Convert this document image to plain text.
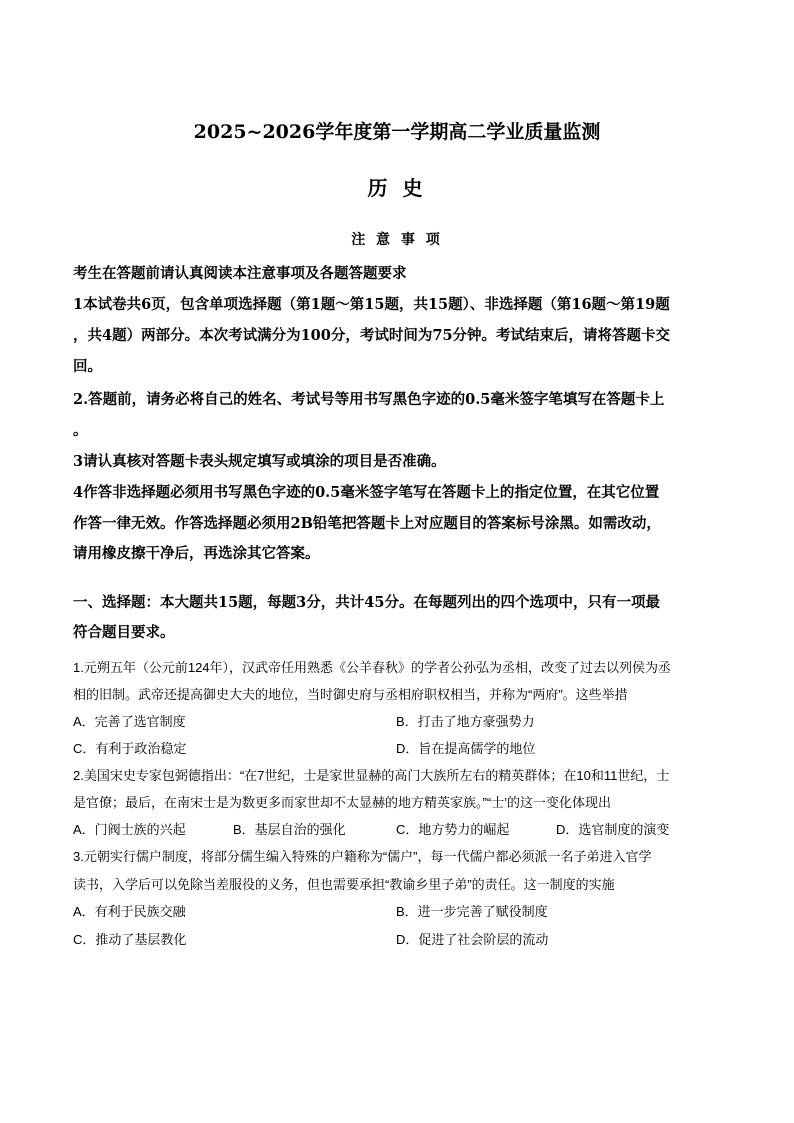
2025~2026学年度第一学期高二学业质量监测
历 史
注 意 事 项
考生在答题前请认真阅读本注意事项及各题答题要求
1本试卷共6页，包含单项选择题（第1题～第15题，共15题）、非选择题（第16题～第19题
，共4题）两部分。本次考试满分为100分，考试时间为75分钟。考试结束后，请将答题卡交
回。
2.答题前，请务必将自己的姓名、考试号等用书写黑色字迹的0.5毫米签字笔填写在答题卡上
。
3请认真核对答题卡表头规定填写或填涂的项目是否准确。
4作答非选择题必须用书写黑色字迹的0.5毫米签字笔写在答题卡上的指定位置，在其它位置
作答一律无效。作答选择题必须用2B铅笔把答题卡上对应题目的答案标号涂黑。如需改动，
请用橡皮擦干净后，再选涂其它答案。
一、选择题：本大题共15题，每题3分，共计45分。在每题列出的四个选项中，只有一项最
符合题目要求。
1.元朔五年（公元前124年），汉武帝任用熟悉《公羊春秋》的学者公孙弘为丞相，改变了过去以列侯为丞
相的旧制。武帝还提高御史大夫的地位，当时御史府与丞相府职权相当，并称为“两府”。这些举措
A．完善了选官制度	B．打击了地方豪强势力
C．有利于政治稳定	D．旨在提高儒学的地位
2.美国宋史专家包弼德指出：“在7世纪，士是家世显赫的高门大族所左右的精英群体；在10和11世纪，士
是官僚；最后，在南宋士是为数更多而家世却不太显赫的地方精英家族。”“士’的这一变化体现出
A．门阀士族的兴起	B．基层自治的强化	C．地方势力的崛起	D．选官制度的演变
3.元朝实行儒户制度，将部分儒生编入特殊的户籍称为“儒户”，每一代儒户都必须派一名子弟进入官学
读书，入学后可以免除当差服役的义务，但也需要承担“教谕乡里子弟”的责任。这一制度的实施
A．有利于民族交融	B．进一步完善了赋役制度
C．推动了基层教化	D．促进了社会阶层的流动
